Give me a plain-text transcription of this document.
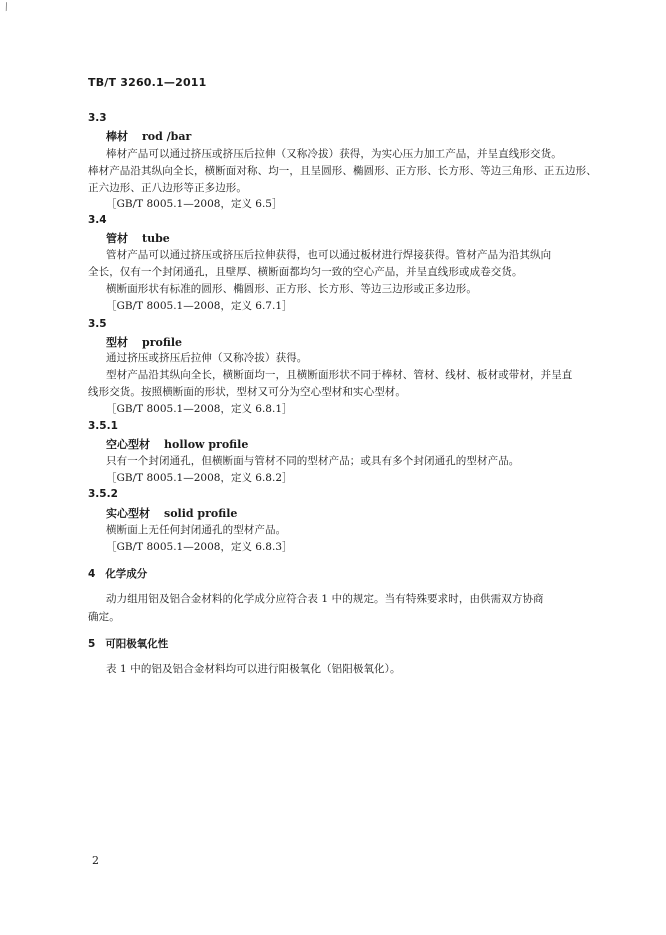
⁄
TB/T 3260.1—2011
3.3
棒材 rod /bar
棒材产品可以通过挤压或挤压后拉伸（又称冷拔）获得，为实心压力加工产品，并呈直线形交货。
棒材产品沿其纵向全长，横断面对称、均一，且呈圆形、椭圆形、正方形、长方形、等边三角形、正五边形、
正六边形、正八边形等正多边形。
［GB/T 8005.1—2008，定义 6.5］
3.4
管材 tube
管材产品可以通过挤压或挤压后拉伸获得，也可以通过板材进行焊接获得。管材产品为沿其纵向
全长，仅有一个封闭通孔，且壁厚、横断面都均匀一致的空心产品，并呈直线形或成卷交货。
横断面形状有标准的圆形、椭圆形、正方形、长方形、等边三边形或正多边形。
［GB/T 8005.1—2008，定义 6.7.1］
3.5
型材 profile
通过挤压或挤压后拉伸（又称冷拔）获得。
型材产品沿其纵向全长，横断面均一，且横断面形状不同于棒材、管材、线材、板材或带材，并呈直
线形交货。按照横断面的形状，型材又可分为空心型材和实心型材。
［GB/T 8005.1—2008，定义 6.8.1］
3.5.1
空心型材 hollow profile
只有一个封闭通孔，但横断面与管材不同的型材产品；或具有多个封闭通孔的型材产品。
［GB/T 8005.1—2008，定义 6.8.2］
3.5.2
实心型材 solid profile
横断面上无任何封闭通孔的型材产品。
［GB/T 8005.1—2008，定义 6.8.3］
4 化学成分
动力组用铝及铝合金材料的化学成分应符合表 1 中的规定。当有特殊要求时，由供需双方协商
确定。
5 可阳极氧化性
表 1 中的铝及铝合金材料均可以进行阳极氧化（铝阳极氧化）。
2
